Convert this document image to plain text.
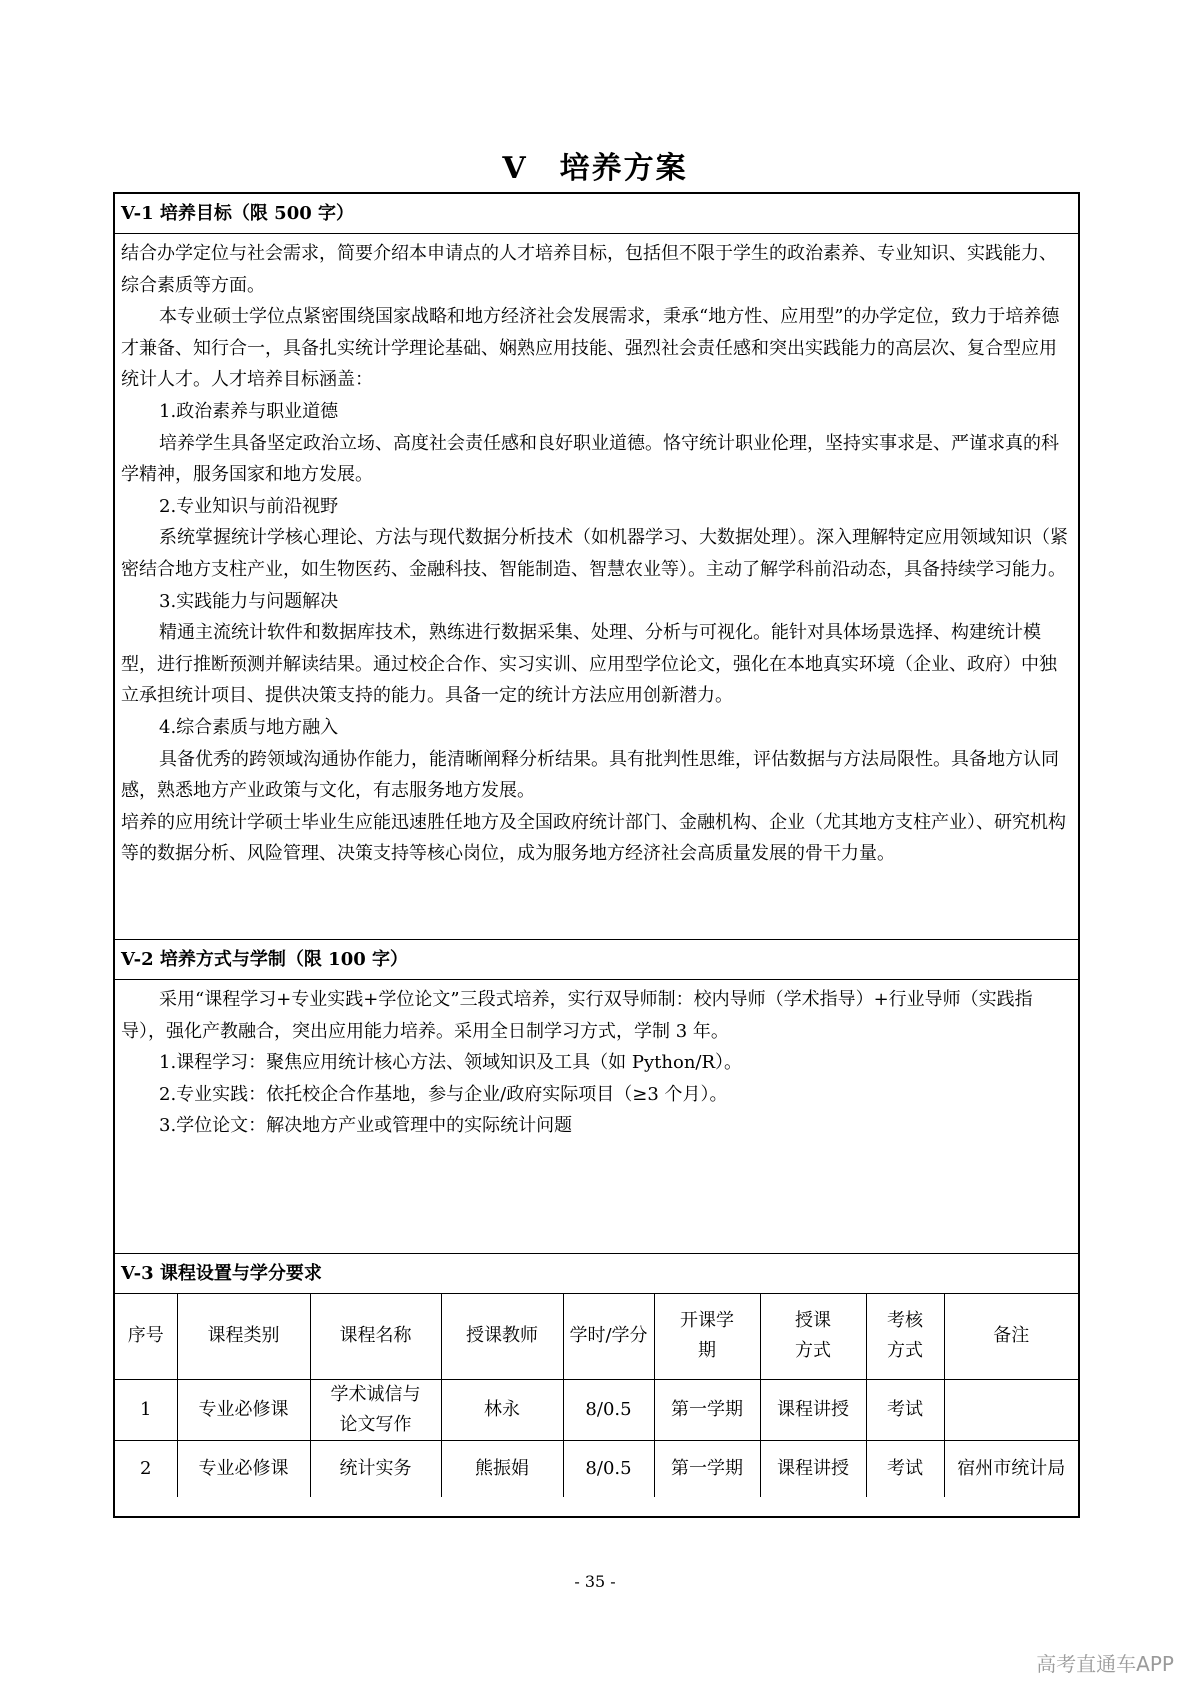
V　培养方案
V-1 培养目标（限 500 字）

结合办学定位与社会需求，简要介绍本申请点的人才培养目标，包括但不限于学生的政治素养、专业知识、实践能力、综合素质等方面。

本专业硕士学位点紧密围绕国家战略和地方经济社会发展需求，秉承“地方性、应用型”的办学定位，致力于培养德才兼备、知行合一，具备扎实统计学理论基础、娴熟应用技能、强烈社会责任感和突出实践能力的高层次、复合型应用统计人才。人才培养目标涵盖：

1.政治素养与职业道德

培养学生具备坚定政治立场、高度社会责任感和良好职业道德。恪守统计职业伦理，坚持实事求是、严谨求真的科学精神，服务国家和地方发展。

2.专业知识与前沿视野

系统掌握统计学核心理论、方法与现代数据分析技术（如机器学习、大数据处理）。深入理解特定应用领域知识（紧密结合地方支柱产业，如生物医药、金融科技、智能制造、智慧农业等）。主动了解学科前沿动态，具备持续学习能力。

3.实践能力与问题解决

精通主流统计软件和数据库技术，熟练进行数据采集、处理、分析与可视化。能针对具体场景选择、构建统计模型，进行推断预测并解读结果。通过校企合作、实习实训、应用型学位论文，强化在本地真实环境（企业、政府）中独立承担统计项目、提供决策支持的能力。具备一定的统计方法应用创新潜力。

4.综合素质与地方融入

具备优秀的跨领域沟通协作能力，能清晰阐释分析结果。具有批判性思维，评估数据与方法局限性。具备地方认同感，熟悉地方产业政策与文化，有志服务地方发展。

培养的应用统计学硕士毕业生应能迅速胜任地方及全国政府统计部门、金融机构、企业（尤其地方支柱产业）、研究机构等的数据分析、风险管理、决策支持等核心岗位，成为服务地方经济社会高质量发展的骨干力量。

V-2 培养方式与学制（限 100 字）

采用“课程学习+专业实践+学位论文”三段式培养，实行双导师制：校内导师（学术指导）+行业导师（实践指导），强化产教融合，突出应用能力培养。采用全日制学习方式，学制 3 年。

1.课程学习：聚焦应用统计核心方法、领域知识及工具（如 Python/R）。

2.专业实践：依托校企合作基地，参与企业/政府实际项目（≥3 个月）。

3.学位论文：解决地方产业或管理中的实际统计问题

V-3 课程设置与学分要求
序号	课程类别	课程名称	授课教师	学时/学分	开课学期	授课方式	考核方式	备注
1	专业必修课	学术诚信与论文写作	林永	8/0.5	第一学期	课程讲授	考试	
2	专业必修课	统计实务	熊振娟	8/0.5	第一学期	课程讲授	考试	宿州市统计局
- 35 -
高考直通车APP
